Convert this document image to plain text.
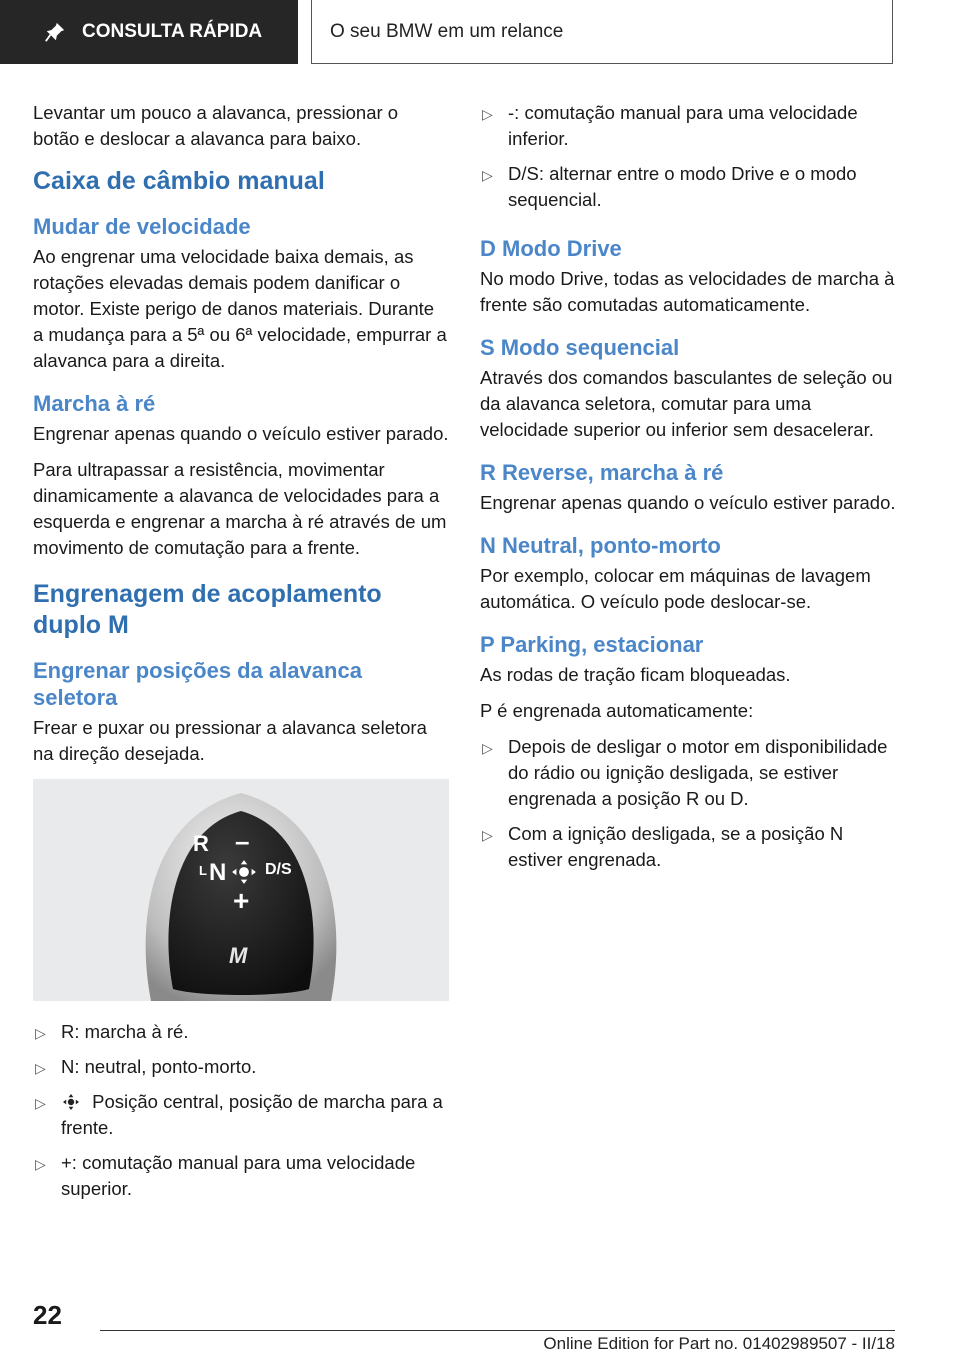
CONSULTA RÁPIDA	O seu BMW em um relance

Levantar um pouco a alavanca, pressionar o botão e deslocar a alavanca para baixo.

Caixa de câmbio manual
Mudar de velocidade

Ao engrenar uma velocidade baixa demais, as rotações elevadas demais podem danificar o motor. Existe perigo de danos materiais. Durante a mudança para a 5ª ou 6ª velocidade, empurrar a alavanca para a direita.

Marcha à ré

Engrenar apenas quando o veículo estiver parado.

Para ultrapassar a resistência, movimentar dinamicamente a alavanca de velocidades para a esquerda e engrenar a marcha à ré através de um movimento de comutação para a frente.

Engrenagem de acoplamento duplo M
Engrenar posições da alavanca seletora

Frear e puxar ou pressionar a alavanca seletora na direção desejada.

R –
L N D/S
+
M
▷ R: marcha à ré.
▷ N: neutral, ponto-morto.
▷	Posição central, posição de marcha para a frente.
▷ +: comutação manual para uma velocidade superior.
▷ -: comutação manual para uma velocidade inferior.
▷ D/S: alternar entre o modo Drive e o modo sequencial.
D Modo Drive

No modo Drive, todas as velocidades de marcha à frente são comutadas automaticamente.

S Modo sequencial

Através dos comandos basculantes de seleção ou da alavanca seletora, comutar para uma velocidade superior ou inferior sem desacelerar.

R Reverse, marcha à ré

Engrenar apenas quando o veículo estiver parado.

N Neutral, ponto-morto

Por exemplo, colocar em máquinas de lavagem automática. O veículo pode deslocar-se.

P Parking, estacionar

As rodas de tração ficam bloqueadas.

P é engrenada automaticamente:

▷ Depois de desligar o motor em disponibilidade do rádio ou ignição desligada, se estiver engrenada a posição R ou D.
▷ Com a ignição desligada, se a posição N estiver engrenada.
22
Online Edition for Part no. 01402989507 - II/18
